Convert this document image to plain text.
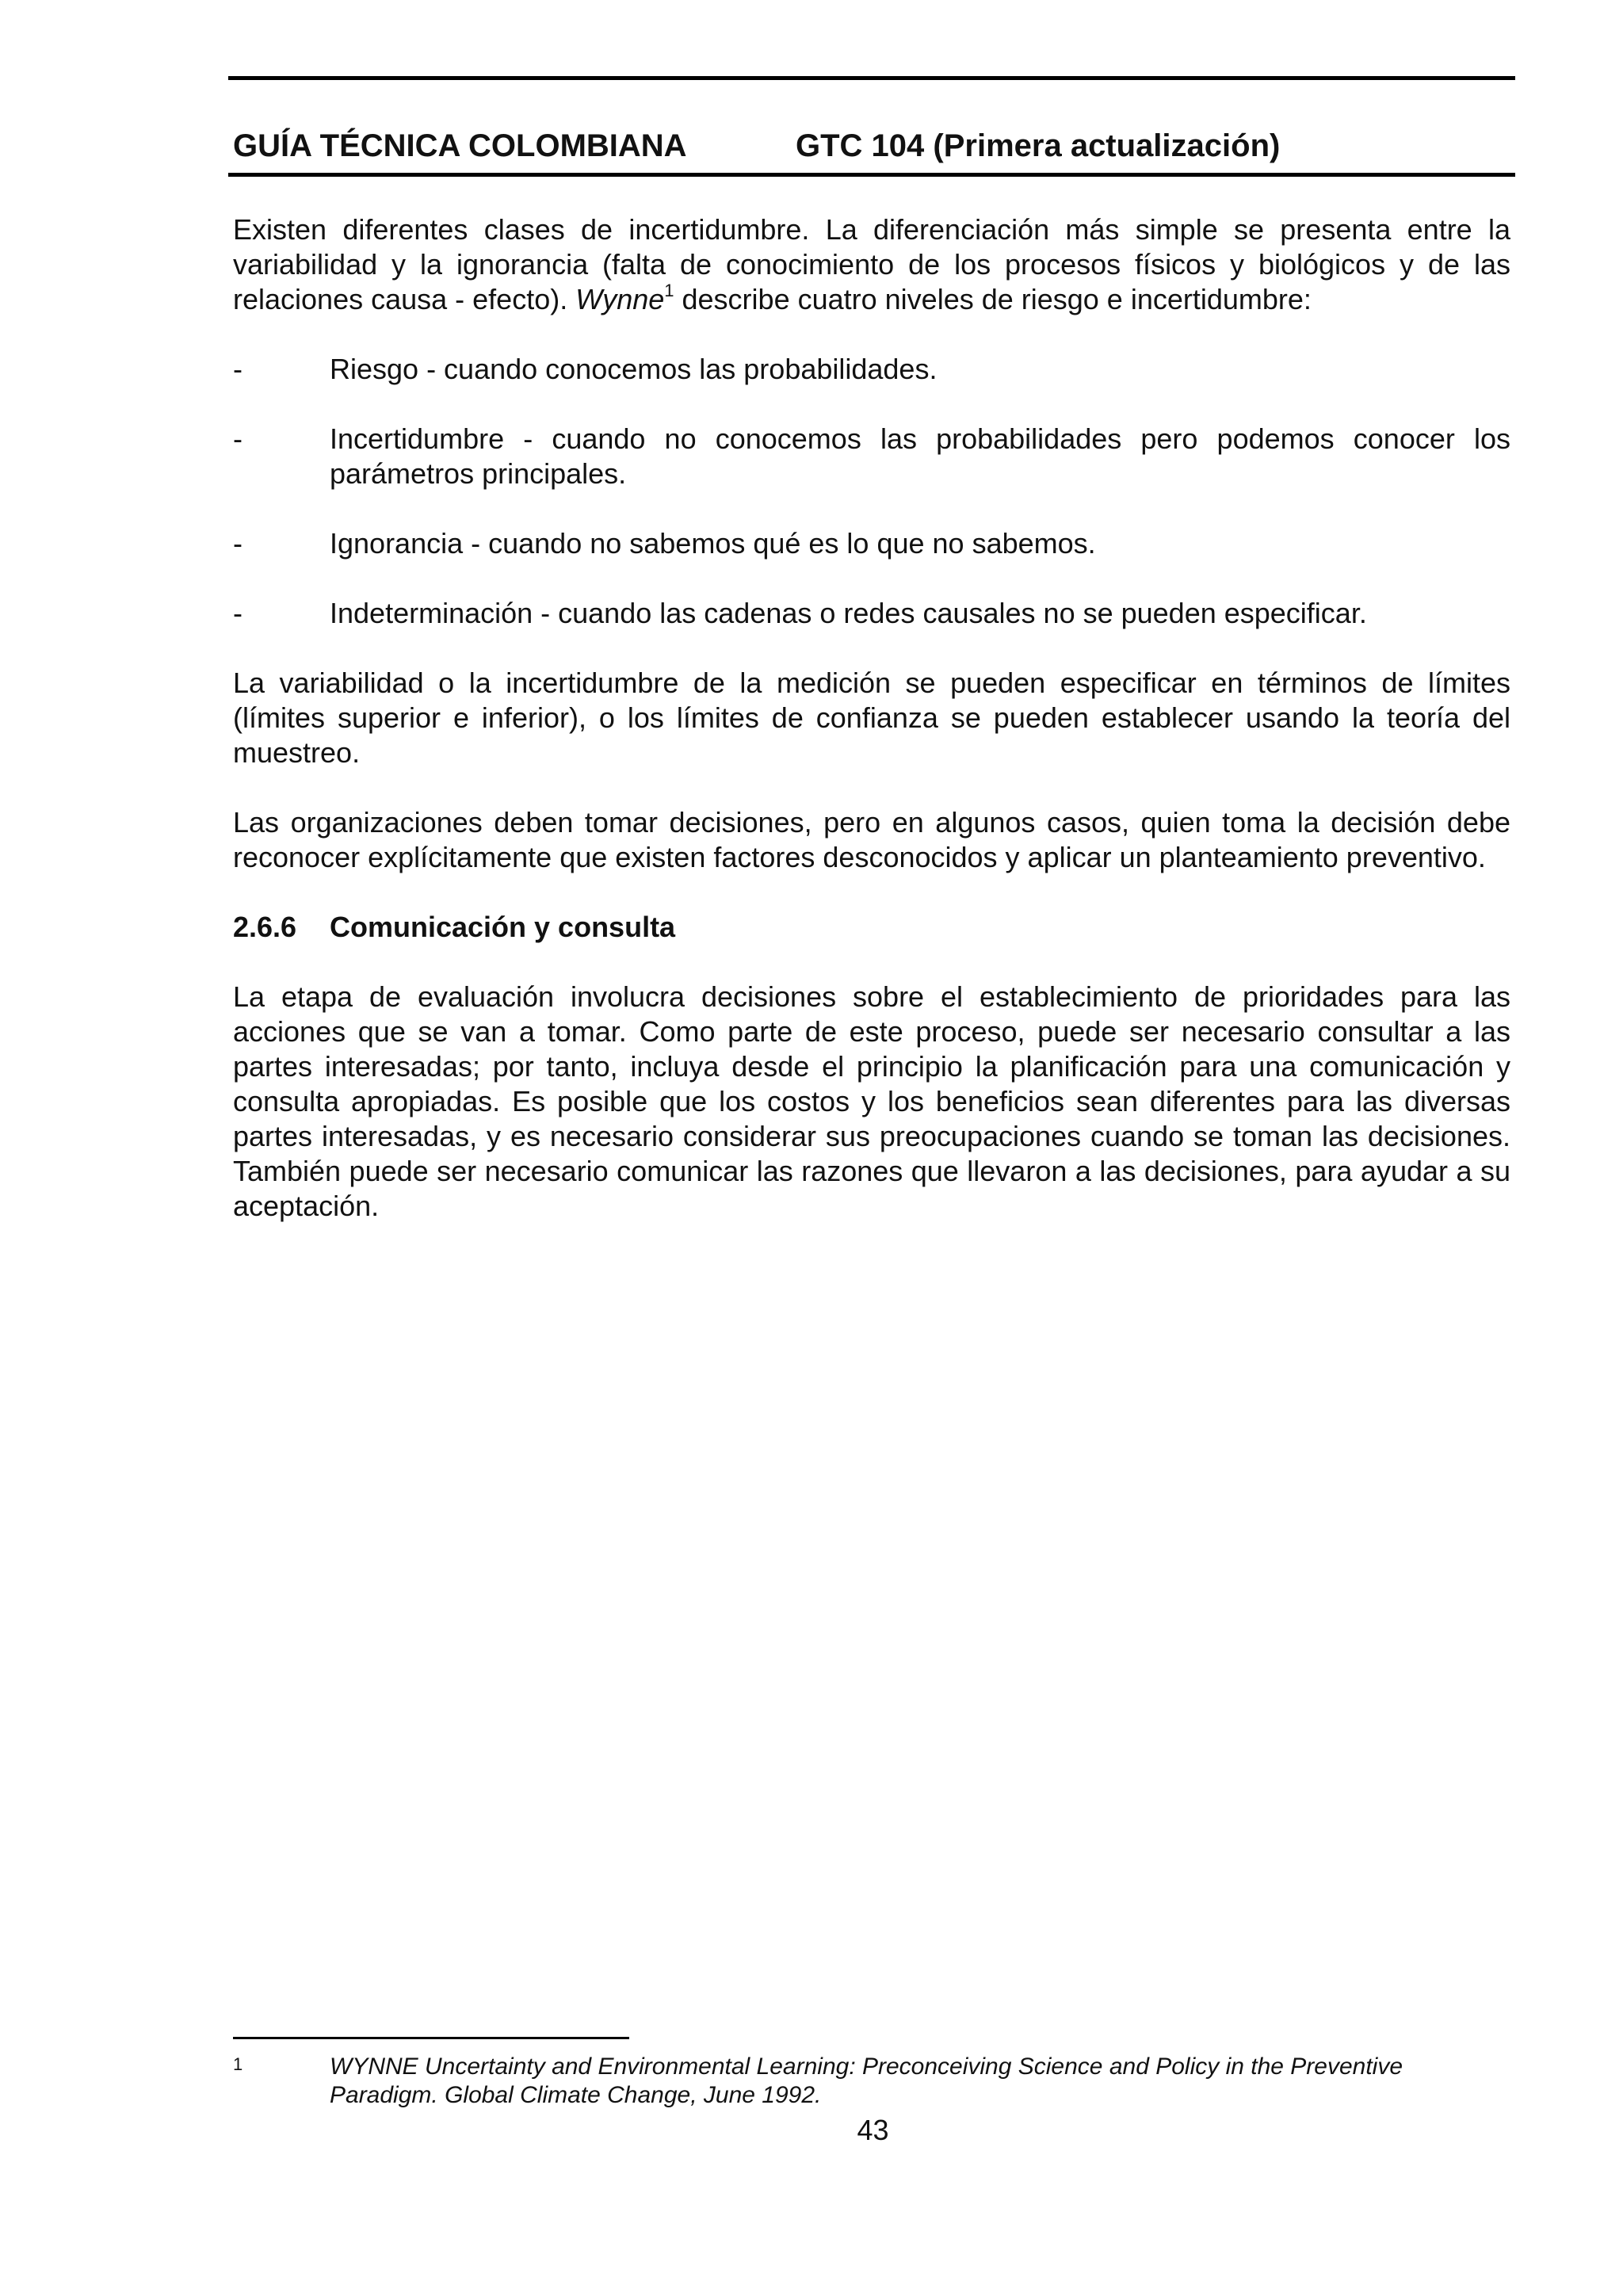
GUÍA TÉCNICA COLOMBIANA	GTC 104 (Primera actualización)

Existen diferentes clases de incertidumbre. La diferenciación más simple se presenta entre la variabilidad y la ignorancia (falta de conocimiento de los procesos físicos y biológicos y de las relaciones causa - efecto). Wynne$^1$ describe cuatro niveles de riesgo e incertidumbre:

-	Riesgo - cuando conocemos las probabilidades.
-	Incertidumbre - cuando no conocemos las probabilidades pero podemos conocer los parámetros principales.
-	Ignorancia - cuando no sabemos qué es lo que no sabemos.
-	Indeterminación - cuando las cadenas o redes causales no se pueden especificar.

La variabilidad o la incertidumbre de la medición se pueden especificar en términos de límites (límites superior e inferior), o los límites de confianza se pueden establecer usando la teoría del muestreo.

Las organizaciones deben tomar decisiones, pero en algunos casos, quien toma la decisión debe reconocer explícitamente que existen factores desconocidos y aplicar un planteamiento preventivo.

2.6.6	Comunicación y consulta

La etapa de evaluación involucra decisiones sobre el establecimiento de prioridades para las acciones que se van a tomar. Como parte de este proceso, puede ser necesario consultar a las partes interesadas; por tanto, incluya desde el principio la planificación para una comunicación y consulta apropiadas. Es posible que los costos y los beneficios sean diferentes para las diversas partes interesadas, y es necesario considerar sus preocupaciones cuando se toman las decisiones. También puede ser necesario comunicar las razones que llevaron a las decisiones, para ayudar a su aceptación.

1	WYNNE Uncertainty and Environmental Learning: Preconceiving Science and Policy in the Preventive Paradigm. Global Climate Change, June 1992.
43
